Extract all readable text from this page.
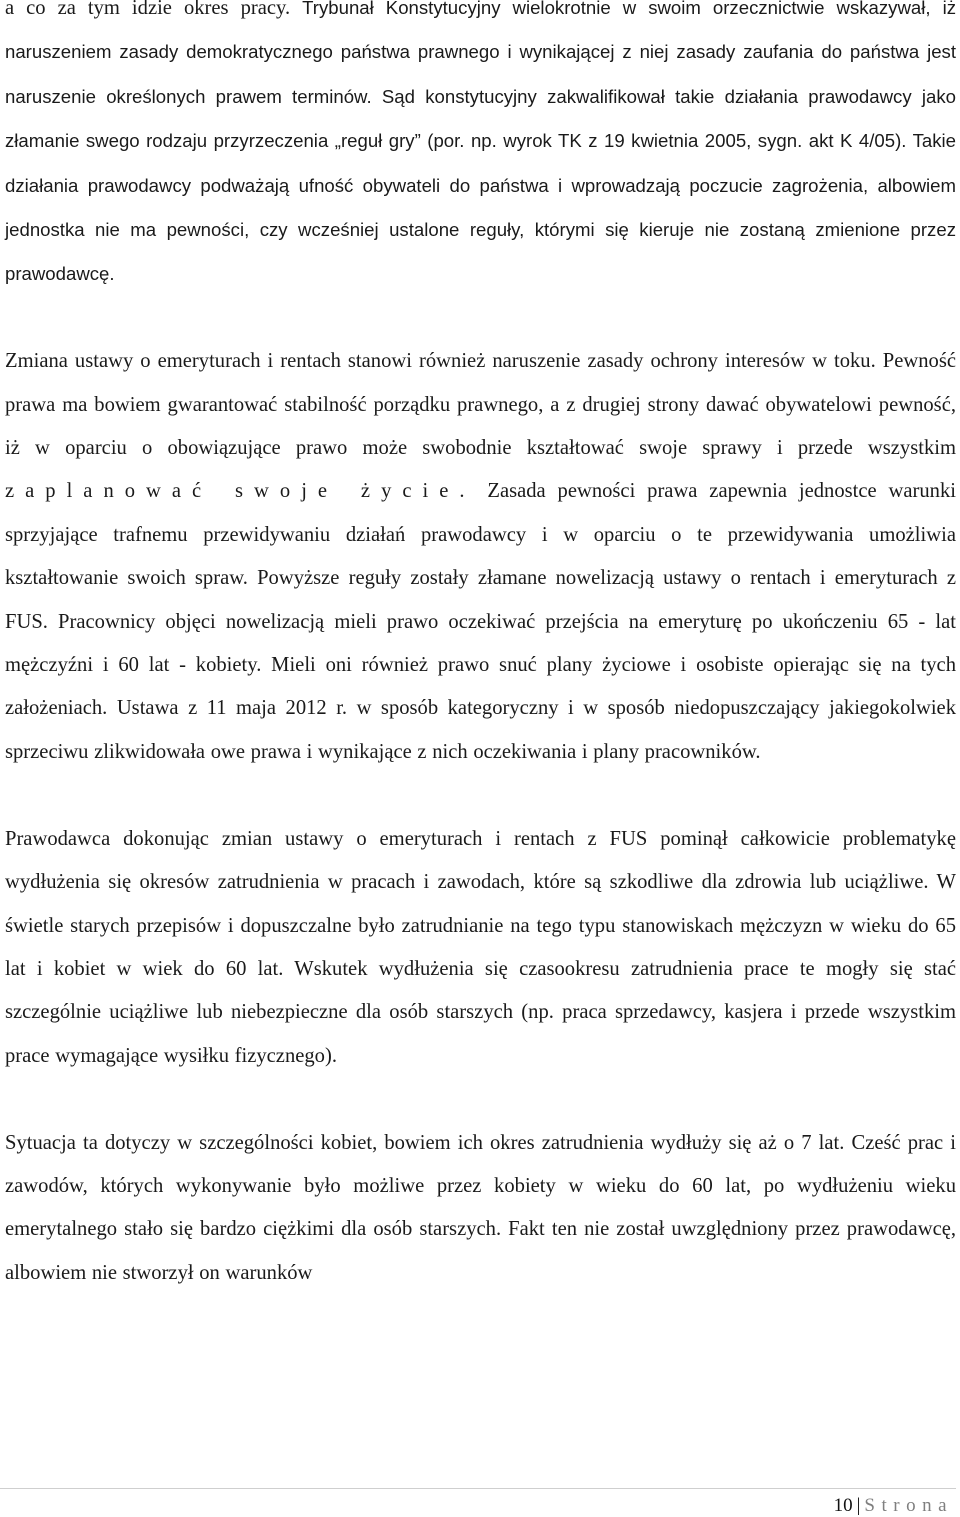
a co za tym idzie okres pracy. Trybunał Konstytucyjny wielokrotnie w swoim orzecznictwie wskazywał, iż naruszeniem zasady demokratycznego państwa prawnego i wynikającej z niej zasady zaufania do państwa jest naruszenie określonych prawem terminów. Sąd konstytucyjny zakwalifikował takie działania prawodawcy jako złamanie swego rodzaju przyrzeczenia „reguł gry” (por. np. wyrok TK z 19 kwietnia 2005, sygn. akt K 4/05). Takie działania prawodawcy podważają ufność obywateli do państwa i wprowadzają poczucie zagrożenia, albowiem jednostka nie ma pewności, czy wcześniej ustalone reguły, którymi się kieruje nie zostaną zmienione przez prawodawcę.

Zmiana ustawy o emeryturach i rentach stanowi również naruszenie zasady ochrony interesów w toku. Pewność prawa ma bowiem gwarantować stabilność porządku prawnego, a z drugiej strony dawać obywatelowi pewność, iż w oparciu o obowiązujące prawo może swobodnie kształtować swoje sprawy i przede wszystkim zaplanować swoje życie. Zasada pewności prawa zapewnia jednostce warunki sprzyjające trafnemu przewidywaniu działań prawodawcy i w oparciu o te przewidywania umożliwia kształtowanie swoich spraw. Powyższe reguły zostały złamane nowelizacją ustawy o rentach i emeryturach z FUS. Pracownicy objęci nowelizacją mieli prawo oczekiwać przejścia na emeryturę po ukończeniu 65 - lat mężczyźni i 60 lat - kobiety. Mieli oni również prawo snuć plany życiowe i osobiste opierając się na tych założeniach. Ustawa z 11 maja 2012 r. w sposób kategoryczny i w sposób niedopuszczający jakiegokolwiek sprzeciwu zlikwidowała owe prawa i wynikające z nich oczekiwania i plany pracowników.

Prawodawca dokonując zmian ustawy o emeryturach i rentach z FUS pominął całkowicie problematykę wydłużenia się okresów zatrudnienia w pracach i zawodach, które są szkodliwe dla zdrowia lub uciążliwe. W świetle starych przepisów i dopuszczalne było zatrudnianie na tego typu stanowiskach mężczyzn w wieku do 65 lat i kobiet w wiek do 60 lat. Wskutek wydłużenia się czasookresu zatrudnienia prace te mogły się stać szczególnie uciążliwe lub niebezpieczne dla osób starszych (np. praca sprzedawcy, kasjera i przede wszystkim prace wymagające wysiłku fizycznego).

Sytuacja ta dotyczy w szczególności kobiet, bowiem ich okres zatrudnienia wydłuży się aż o 7 lat. Cześć prac i zawodów, których wykonywanie było możliwe przez kobiety w wieku do 60 lat, po wydłużeniu wieku emerytalnego stało się bardzo ciężkimi dla osób starszych. Fakt ten nie został uwzględniony przez prawodawcę, albowiem nie stworzył on warunków

10 | Strona
